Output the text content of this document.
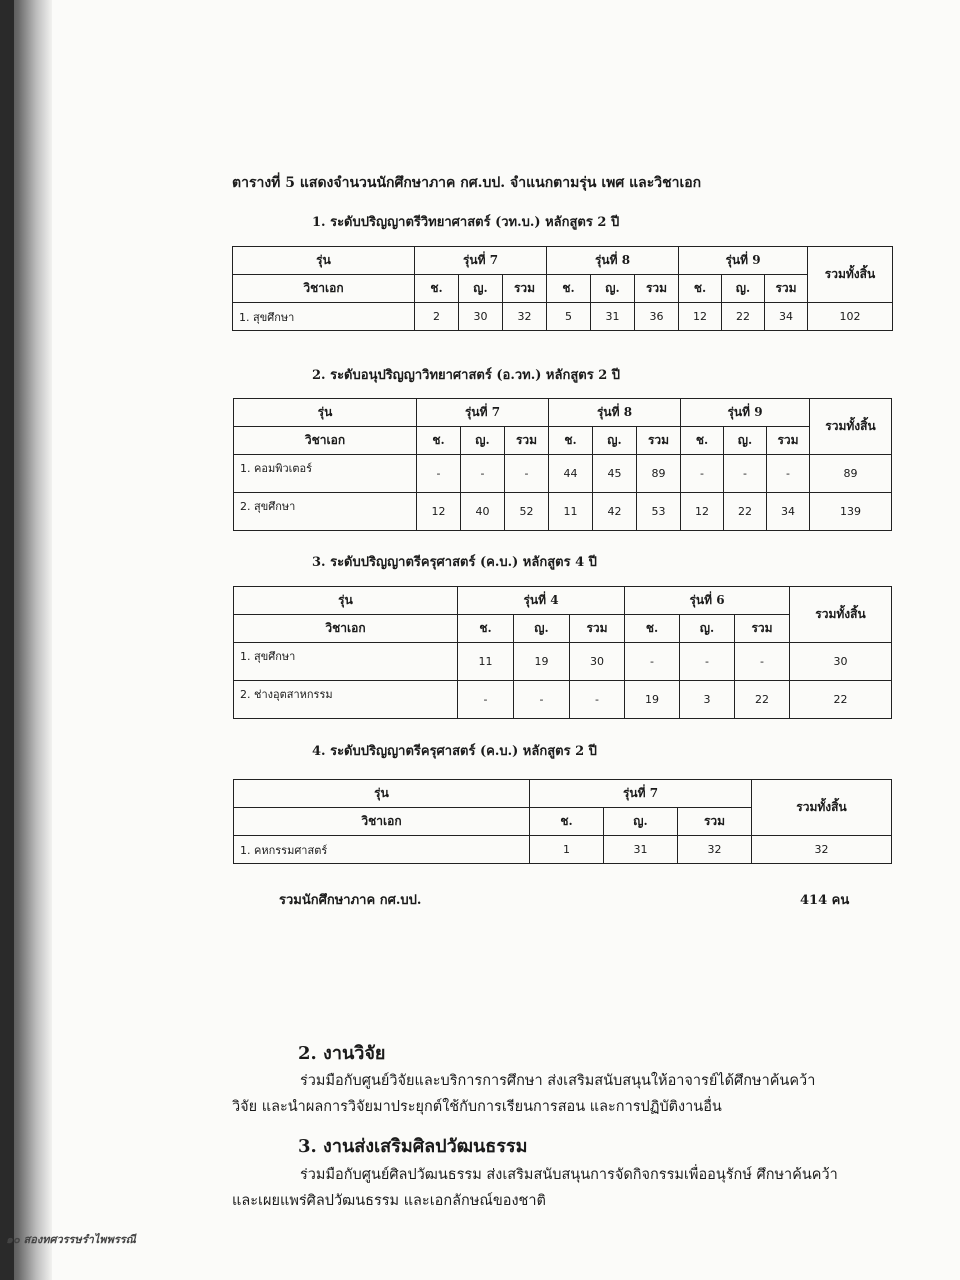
ตารางที่ 5 แสดงจำนวนนักศึกษาภาค กศ.บป. จำแนกตามรุ่น เพศ และวิชาเอก
1. ระดับปริญญาตรีวิทยาศาสตร์ (วท.บ.) หลักสูตร 2 ปี
รุ่น	รุ่นที่ 7			รุ่นที่ 8			รุ่นที่ 9			รวมทั้งสิ้น
วิชาเอก	ช.	ญ.	รวม	ช.	ญ.	รวม	ช.	ญ.	รวม	
1. สุขศึกษา	2	30	32	5	31	36	12	22	34	102
2. ระดับอนุปริญญาวิทยาศาสตร์ (อ.วท.) หลักสูตร 2 ปี
รุ่น	รุ่นที่ 7			รุ่นที่ 8			รุ่นที่ 9			รวมทั้งสิ้น
วิชาเอก	ช.	ญ.	รวม	ช.	ญ.	รวม	ช.	ญ.	รวม	
1. คอมพิวเตอร์	-	-	-	44	45	89	-	-	-	89
2. สุขศึกษา	12	40	52	11	42	53	12	22	34	139
3. ระดับปริญญาตรีครุศาสตร์ (ค.บ.) หลักสูตร 4 ปี
รุ่น	รุ่นที่ 4			รุ่นที่ 6			รวมทั้งสิ้น
วิชาเอก	ช.	ญ.	รวม	ช.	ญ.	รวม	
1. สุขศึกษา	11	19	30	-	-	-	30
2. ช่างอุตสาหกรรม	-	-	-	19	3	22	22
4. ระดับปริญญาตรีครุศาสตร์ (ค.บ.) หลักสูตร 2 ปี
รุ่น	รุ่นที่ 7			รวมทั้งสิ้น
วิชาเอก	ช.	ญ.	รวม	
1. คหกรรมศาสตร์	1	31	32	32
รวมนักศึกษาภาค กศ.บป.	414 คน
2. งานวิจัย
ร่วมมือกับศูนย์วิจัยและบริการการศึกษา ส่งเสริมสนับสนุนให้อาจารย์ได้ศึกษาค้นคว้า
วิจัย และนำผลการวิจัยมาประยุกต์ใช้กับการเรียนการสอน และการปฏิบัติงานอื่น
3. งานส่งเสริมศิลปวัฒนธรรม
ร่วมมือกับศูนย์ศิลปวัฒนธรรม ส่งเสริมสนับสนุนการจัดกิจกรรมเพื่ออนุรักษ์ ศึกษาค้นคว้า
และเผยแพร่ศิลปวัฒนธรรม และเอกลักษณ์ของชาติ
๑๐ สองทศวรรษรำไพพรรณี
